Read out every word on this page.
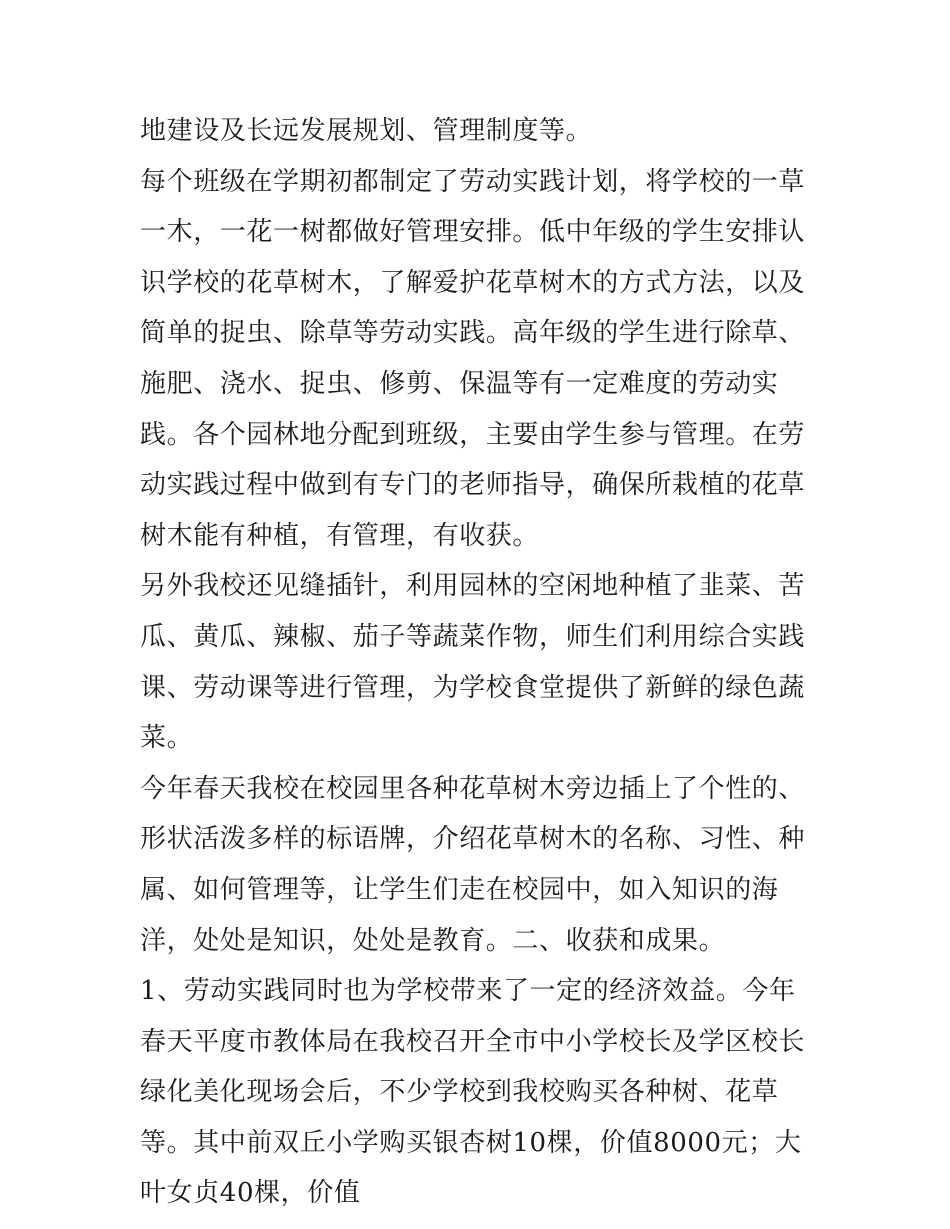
地建设及长远发展规划、管理制度等。

每个班级在学期初都制定了劳动实践计划，将学校的一草一木，一花一树都做好管理安排。低中年级的学生安排认识学校的花草树木，了解爱护花草树木的方式方法，以及简单的捉虫、除草等劳动实践。高年级的学生进行除草、施肥、浇水、捉虫、修剪、保温等有一定难度的劳动实践。各个园林地分配到班级，主要由学生参与管理。在劳动实践过程中做到有专门的老师指导，确保所栽植的花草树木能有种植，有管理，有收获。

另外我校还见缝插针，利用园林的空闲地种植了韭菜、苦瓜、黄瓜、辣椒、茄子等蔬菜作物，师生们利用综合实践课、劳动课等进行管理，为学校食堂提供了新鲜的绿色蔬菜。

今年春天我校在校园里各种花草树木旁边插上了个性的、形状活泼多样的标语牌，介绍花草树木的名称、习性、种属、如何管理等，让学生们走在校园中，如入知识的海洋，处处是知识，处处是教育。二、收获和成果。

1、劳动实践同时也为学校带来了一定的经济效益。今年春天平度市教体局在我校召开全市中小学校长及学区校长绿化美化现场会后，不少学校到我校购买各种树、花草等。其中前双丘小学购买银杏树10棵，价值8000元；大叶女贞40棵，价值
